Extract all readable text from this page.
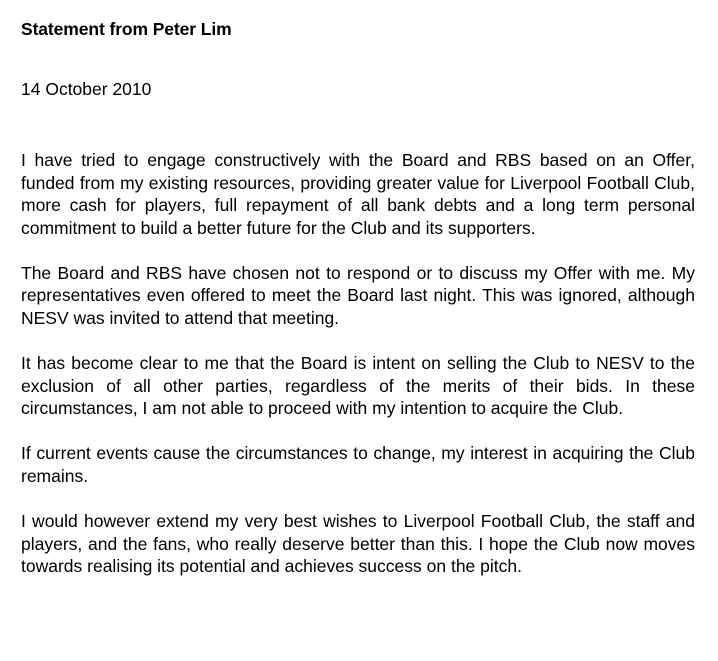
Statement from Peter Lim

14 October 2010

I have tried to engage constructively with the Board and RBS based on an Offer, funded from my existing resources, providing greater value for Liverpool Football Club, more cash for players, full repayment of all bank debts and a long term personal commitment to build a better future for the Club and its supporters.

The Board and RBS have chosen not to respond or to discuss my Offer with me. My representatives even offered to meet the Board last night. This was ignored, although NESV was invited to attend that meeting.

It has become clear to me that the Board is intent on selling the Club to NESV to the exclusion of all other parties, regardless of the merits of their bids. In these circumstances, I am not able to proceed with my intention to acquire the Club.

If current events cause the circumstances to change, my interest in acquiring the Club remains.

I would however extend my very best wishes to Liverpool Football Club, the staff and players, and the fans, who really deserve better than this. I hope the Club now moves towards realising its potential and achieves success on the pitch.
